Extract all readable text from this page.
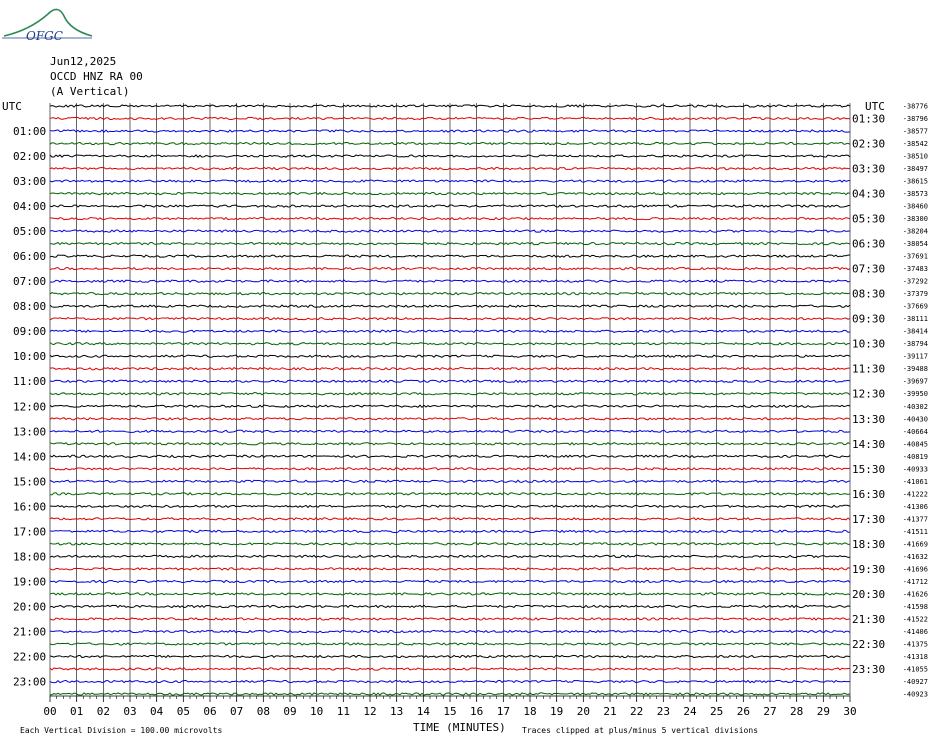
OFGC
Jun12,2025
OCCD HNZ RA 00
(A Vertical)
UTC	UTC
01:00
02:00
03:00
04:00
05:00
06:00
07:00
08:00
09:00
10:00
11:00
12:00
13:00
14:00
15:00
16:00
17:00
18:00
19:00
20:00
21:00
22:00
23:00
01:30
02:30
03:30
04:30
05:30
06:30
07:30
08:30
09:30
10:30
11:30
12:30
13:30
14:30
15:30
16:30
17:30
18:30
19:30
20:30
21:30
22:30
23:30
-38776
-38796
-38577
-38542
-38510
-38497
-38615
-38573
-38460
-38300
-38204
-38054
-37691
-37483
-37292
-37379
-37669
-38111
-38414
-38794
-39117
-39488
-39697
-39950
-40302
-40430
-40664
-40845
-40819
-40933
-41061
-41222
-41306
-41377
-41511
-41669
-41632
-41696
-41712
-41626
-41598
-41522
-41406
-41375
-41318
-41055
-40927
-40923
00 01 02 03 04 05 06 07 08 09 10 11 12 13 14 15 16 17 18 19 20 21 22 23 24 25 26 27 28 29 30
TIME (MINUTES)
Each Vertical Division = 100.00 microvolts	Traces clipped at plus/minus 5 vertical divisions
